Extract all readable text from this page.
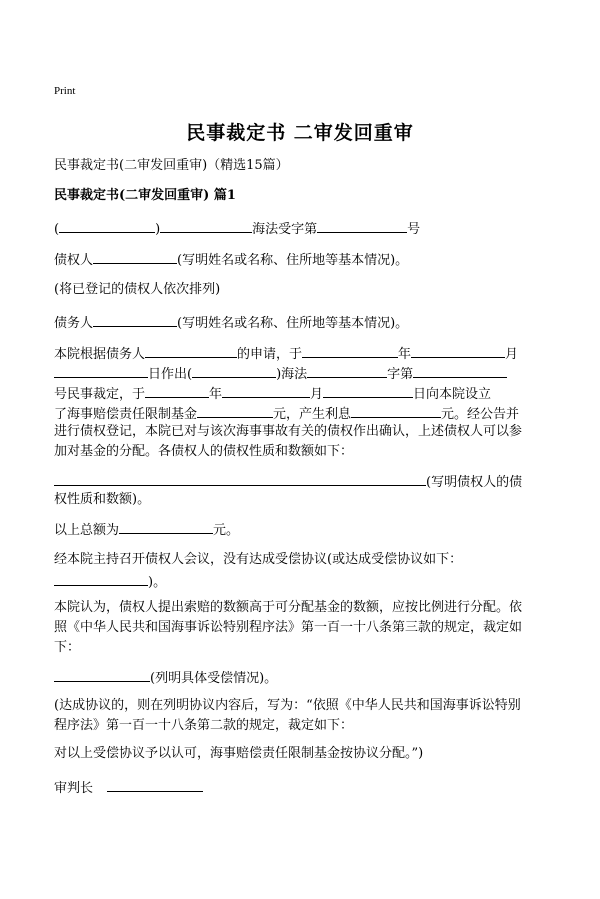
Print
民事裁定书 二审发回重审
民事裁定书(二审发回重审)（精选15篇）
民事裁定书(二审发回重审) 篇1
(	)	海法受字第	号
债权人	(写明姓名或名称、住所地等基本情况)。
(将已登记的债权人依次排列)
债务人	(写明姓名或名称、住所地等基本情况)。
本院根据债务人	的申请，于	年	月
日作出(	)海法	字第
号民事裁定，于	年	月	日向本院设立
了海事赔偿责任限制基金	元，产生利息	元。经公告并
进行债权登记，本院已对与该次海事事故有关的债权作出确认，上述债权人可以参
加对基金的分配。各债权人的债权性质和数额如下：
(写明债权人的债
权性质和数额)。
以上总额为	元。
经本院主持召开债权人会议，没有达成受偿协议(或达成受偿协议如下：
)。
本院认为，债权人提出索赔的数额高于可分配基金的数额，应按比例进行分配。依
照《中华人民共和国海事诉讼特别程序法》第一百一十八条第三款的规定，裁定如
下：
(列明具体受偿情况)。
(达成协议的，则在列明协议内容后，写为：“依照《中华人民共和国海事诉讼特别
程序法》第一百一十八条第二款的规定，裁定如下：
对以上受偿协议予以认可，海事赔偿责任限制基金按协议分配。”)
审判长
